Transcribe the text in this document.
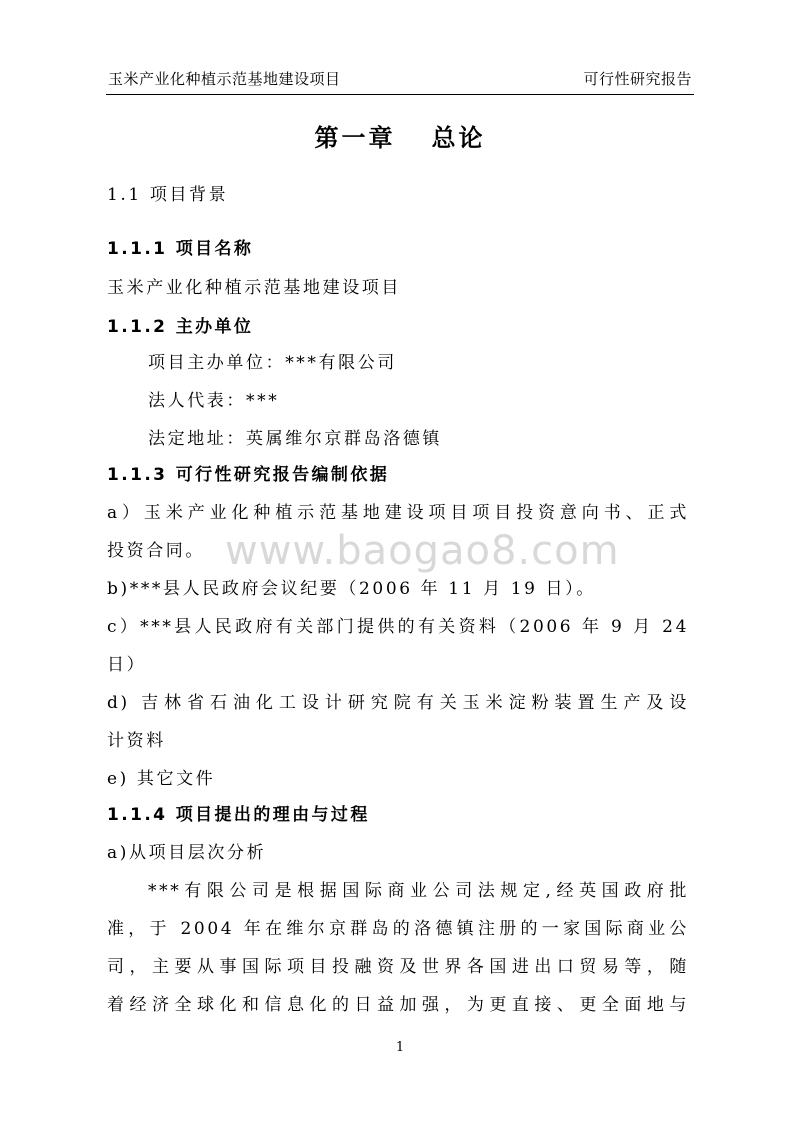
玉米产业化种植示范基地建设项目	可行性研究报告
第一章 总论
1.1 项目背景
1.1.1 项目名称
玉米产业化种植示范基地建设项目
1.1.2 主办单位
项目主办单位：***有限公司
法人代表：***
法定地址：英属维尔京群岛洛德镇
1.1.3 可行性研究报告编制依据
a）玉米产业化种植示范基地建设项目项目投资意向书、正式
投资合同。
b)***县人民政府会议纪要（2006 年 11 月 19 日）。
c）***县人民政府有关部门提供的有关资料（2006 年 9 月 24
日）
d) 吉林省石油化工设计研究院有关玉米淀粉装置生产及设
计资料
e) 其它文件
1.1.4 项目提出的理由与过程
a)从项目层次分析
***有限公司是根据国际商业公司法规定,经英国政府批
准，于 2004 年在维尔京群岛的洛德镇注册的一家国际商业公
司，主要从事国际项目投融资及世界各国进出口贸易等，随
着经济全球化和信息化的日益加强，为更直接、更全面地与
www.baogao8.com
1
